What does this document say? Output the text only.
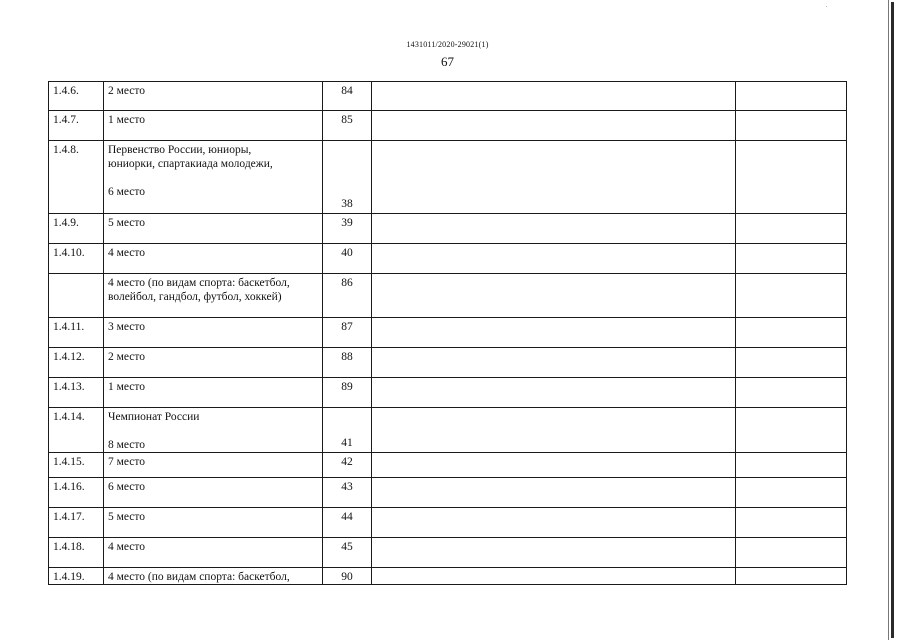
1431011/2020-29021(1)
67
1.4.6.	2 место	84		
1.4.7.	1 место	85		
1.4.8.	Первенство России, юниоры,
юниорки, спартакиада молодежи,
6 место	38		
1.4.9.	5 место	39		
1.4.10.	4 место	40		

	4 место (по видам спорта: баскетбол,
волейбол, гандбол, футбол, хоккей)	86		
1.4.11.	3 место	87		
1.4.12.	2 место	88		
1.4.13.	1 место	89		
1.4.14.	Чемпионат России
8 место	41		
1.4.15.	7 место	42		
1.4.16.	6 место	43		
1.4.17.	5 место	44		
1.4.18.	4 место	45		
1.4.19.	4 место (по видам спорта: баскетбол,	90		
